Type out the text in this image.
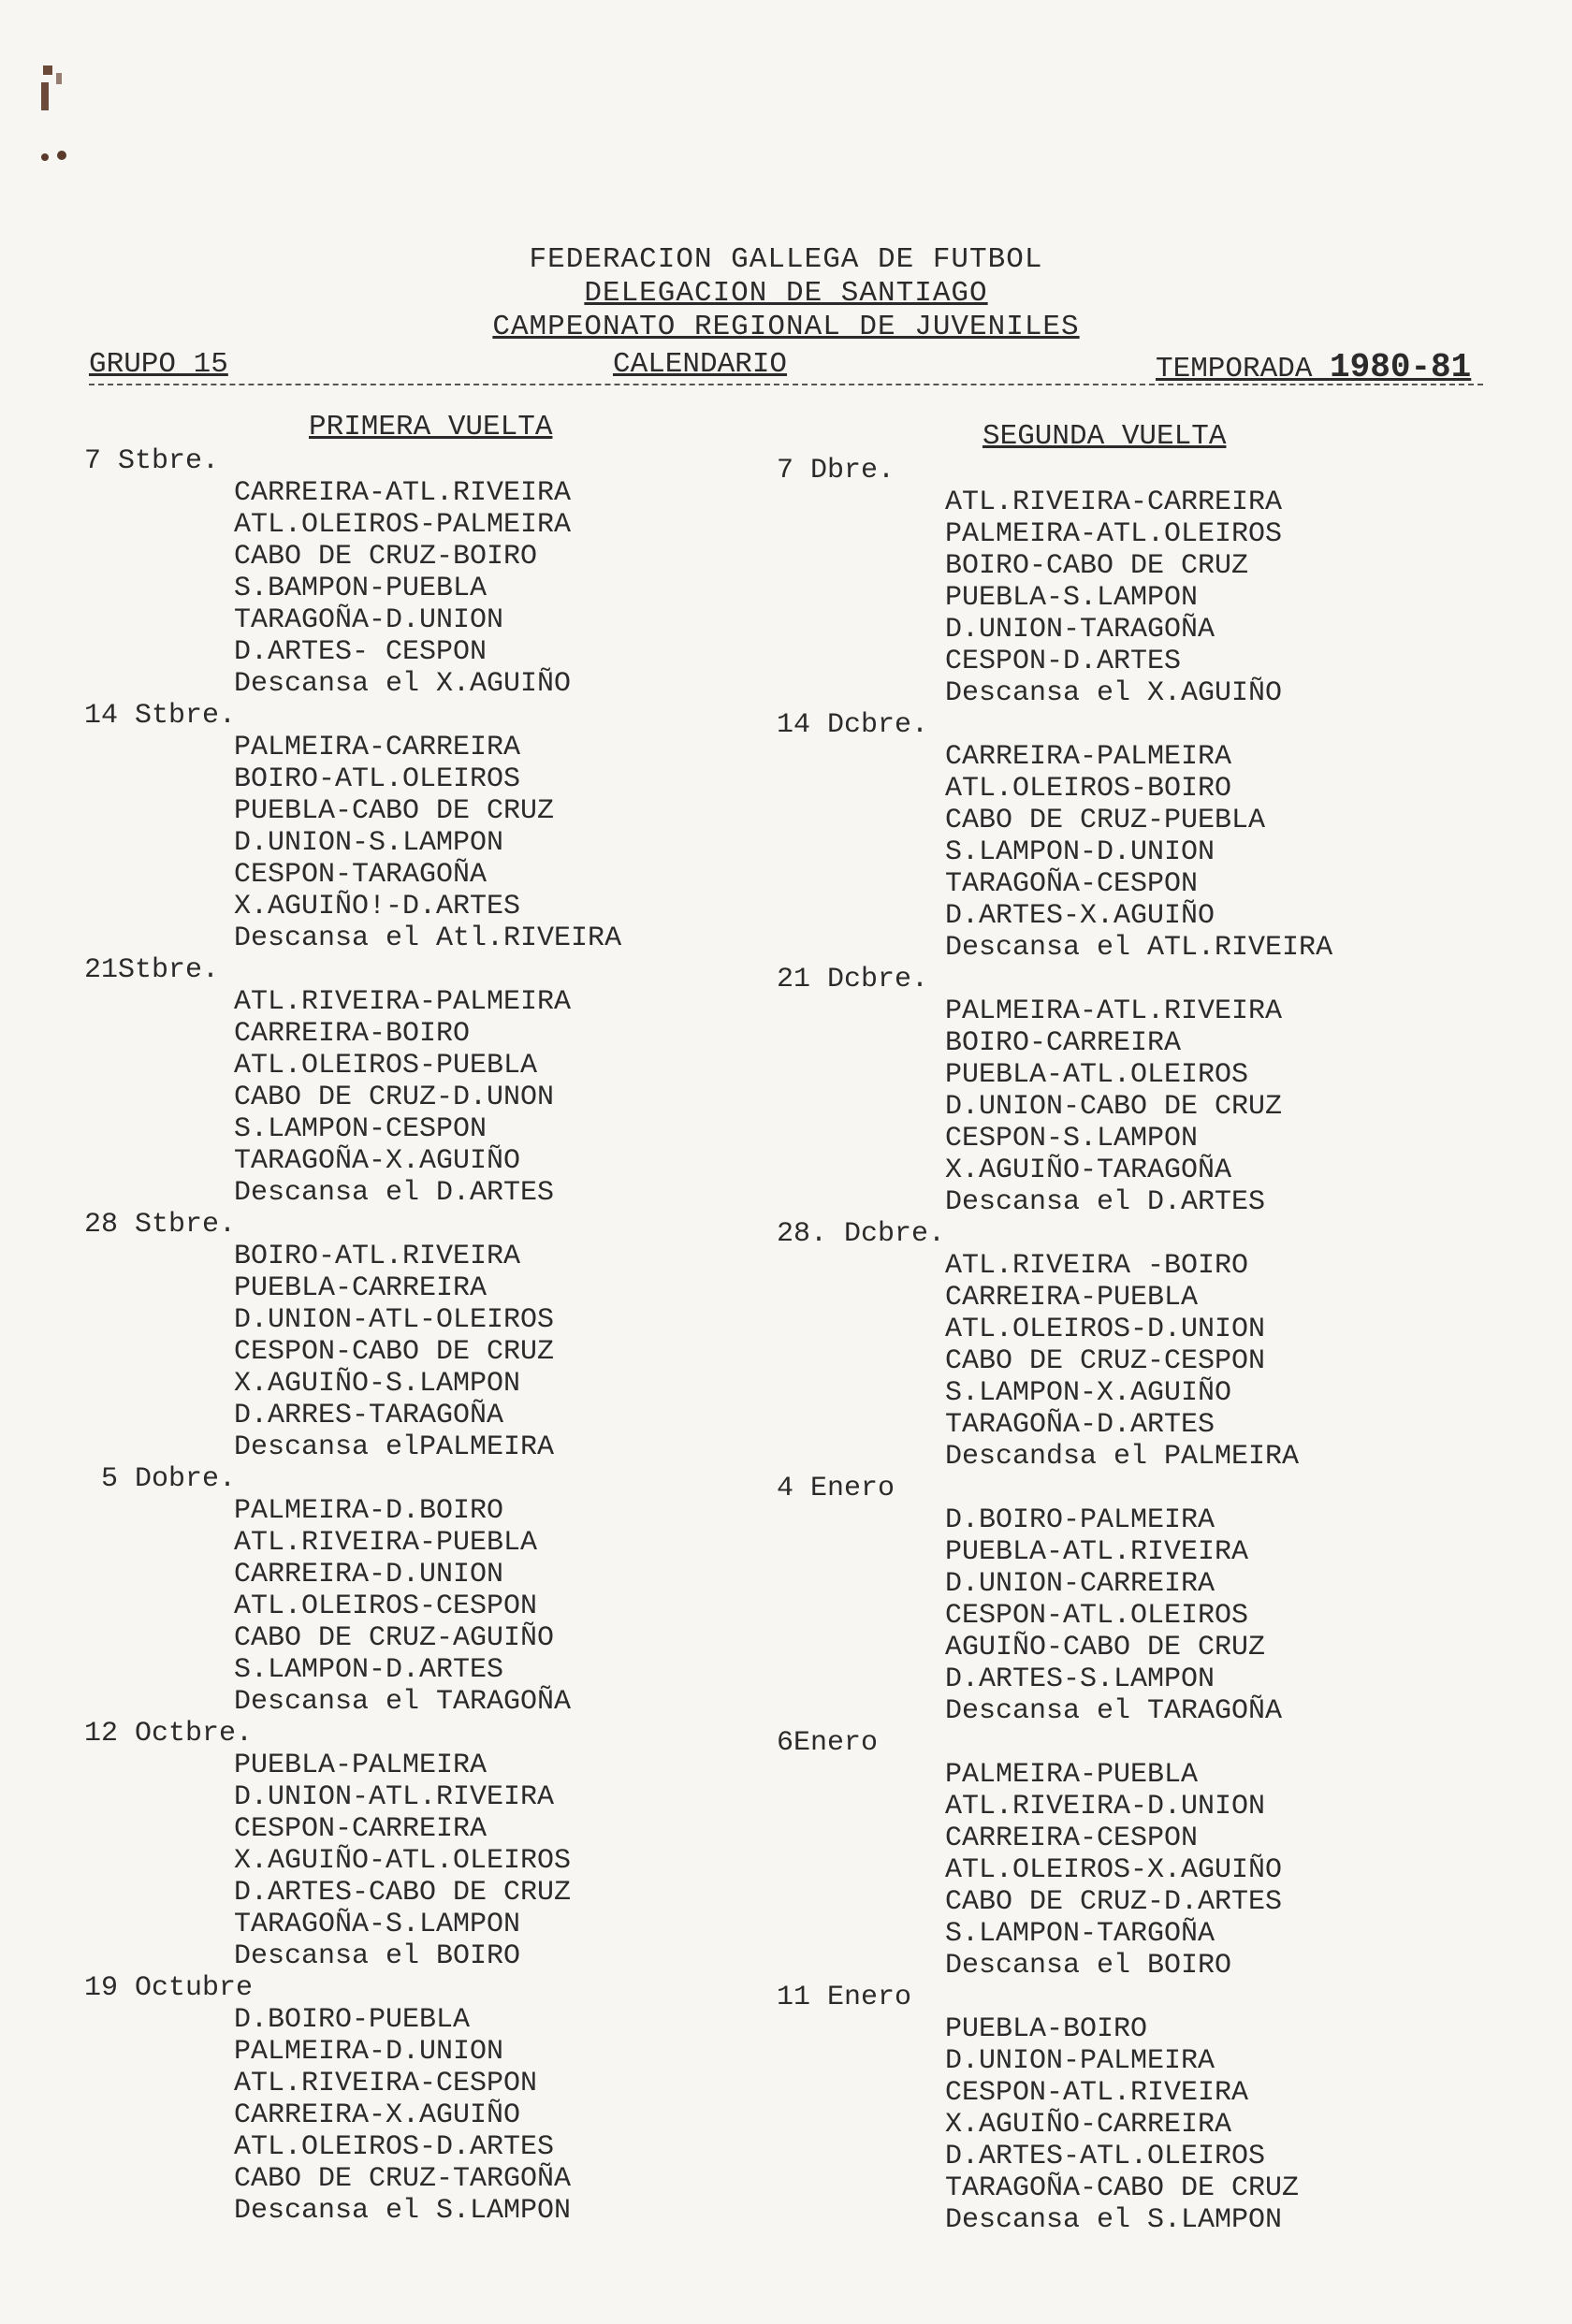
FEDERACION GALLEGA DE FUTBOL
DELEGACION DE SANTIAGO
CAMPEONATO REGIONAL DE JUVENILES
GRUPO 15	CALENDARIO	TEMPORADA 1980-81
PRIMERA VUELTA
7 Stbre.
CARREIRA-ATL.RIVEIRA
ATL.OLEIROS-PALMEIRA
CABO DE CRUZ-BOIRO
S.BAMPON-PUEBLA
TARAGOÑA-D.UNION
D.ARTES- CESPON
Descansa el X.AGUIÑO
14 Stbre.
PALMEIRA-CARREIRA
BOIRO-ATL.OLEIROS
PUEBLA-CABO DE CRUZ
D.UNION-S.LAMPON
CESPON-TARAGOÑA
X.AGUIÑO!-D.ARTES
Descansa el Atl.RIVEIRA
21Stbre.
ATL.RIVEIRA-PALMEIRA
CARREIRA-BOIRO
ATL.OLEIROS-PUEBLA
CABO DE CRUZ-D.UNON
S.LAMPON-CESPON
TARAGOÑA-X.AGUIÑO
Descansa el D.ARTES
28 Stbre.
BOIRO-ATL.RIVEIRA
PUEBLA-CARREIRA
D.UNION-ATL-OLEIROS
CESPON-CABO DE CRUZ
X.AGUIÑO-S.LAMPON
D.ARRES-TARAGOÑA
Descansa elPALMEIRA
5 Dobre.
PALMEIRA-D.BOIRO
ATL.RIVEIRA-PUEBLA
CARREIRA-D.UNION
ATL.OLEIROS-CESPON
CABO DE CRUZ-AGUIÑO
S.LAMPON-D.ARTES
Descansa el TARAGOÑA
12 Octbre.
PUEBLA-PALMEIRA
D.UNION-ATL.RIVEIRA
CESPON-CARREIRA
X.AGUIÑO-ATL.OLEIROS
D.ARTES-CABO DE CRUZ
TARAGOÑA-S.LAMPON
Descansa el BOIRO
19 Octubre
D.BOIRO-PUEBLA
PALMEIRA-D.UNION
ATL.RIVEIRA-CESPON
CARREIRA-X.AGUIÑO
ATL.OLEIROS-D.ARTES
CABO DE CRUZ-TARGOÑA
Descansa el S.LAMPON
SEGUNDA VUELTA
7 Dbre.
ATL.RIVEIRA-CARREIRA
PALMEIRA-ATL.OLEIROS
BOIRO-CABO DE CRUZ
PUEBLA-S.LAMPON
D.UNION-TARAGOÑA
CESPON-D.ARTES
Descansa el X.AGUIÑO
14 Dcbre.
CARREIRA-PALMEIRA
ATL.OLEIROS-BOIRO
CABO DE CRUZ-PUEBLA
S.LAMPON-D.UNION
TARAGOÑA-CESPON
D.ARTES-X.AGUIÑO
Descansa el ATL.RIVEIRA
21 Dcbre.
PALMEIRA-ATL.RIVEIRA
BOIRO-CARREIRA
PUEBLA-ATL.OLEIROS
D.UNION-CABO DE CRUZ
CESPON-S.LAMPON
X.AGUIÑO-TARAGOÑA
Descansa el D.ARTES
28. Dcbre.
ATL.RIVEIRA -BOIRO
CARREIRA-PUEBLA
ATL.OLEIROS-D.UNION
CABO DE CRUZ-CESPON
S.LAMPON-X.AGUIÑO
TARAGOÑA-D.ARTES
Descandsa el PALMEIRA
4 Enero
D.BOIRO-PALMEIRA
PUEBLA-ATL.RIVEIRA
D.UNION-CARREIRA
CESPON-ATL.OLEIROS
AGUIÑO-CABO DE CRUZ
D.ARTES-S.LAMPON
Descansa el TARAGOÑA
6Enero
PALMEIRA-PUEBLA
ATL.RIVEIRA-D.UNION
CARREIRA-CESPON
ATL.OLEIROS-X.AGUIÑO
CABO DE CRUZ-D.ARTES
S.LAMPON-TARGOÑA
Descansa el BOIRO
11 Enero
PUEBLA-BOIRO
D.UNION-PALMEIRA
CESPON-ATL.RIVEIRA
X.AGUIÑO-CARREIRA
D.ARTES-ATL.OLEIROS
TARAGOÑA-CABO DE CRUZ
Descansa el S.LAMPON
